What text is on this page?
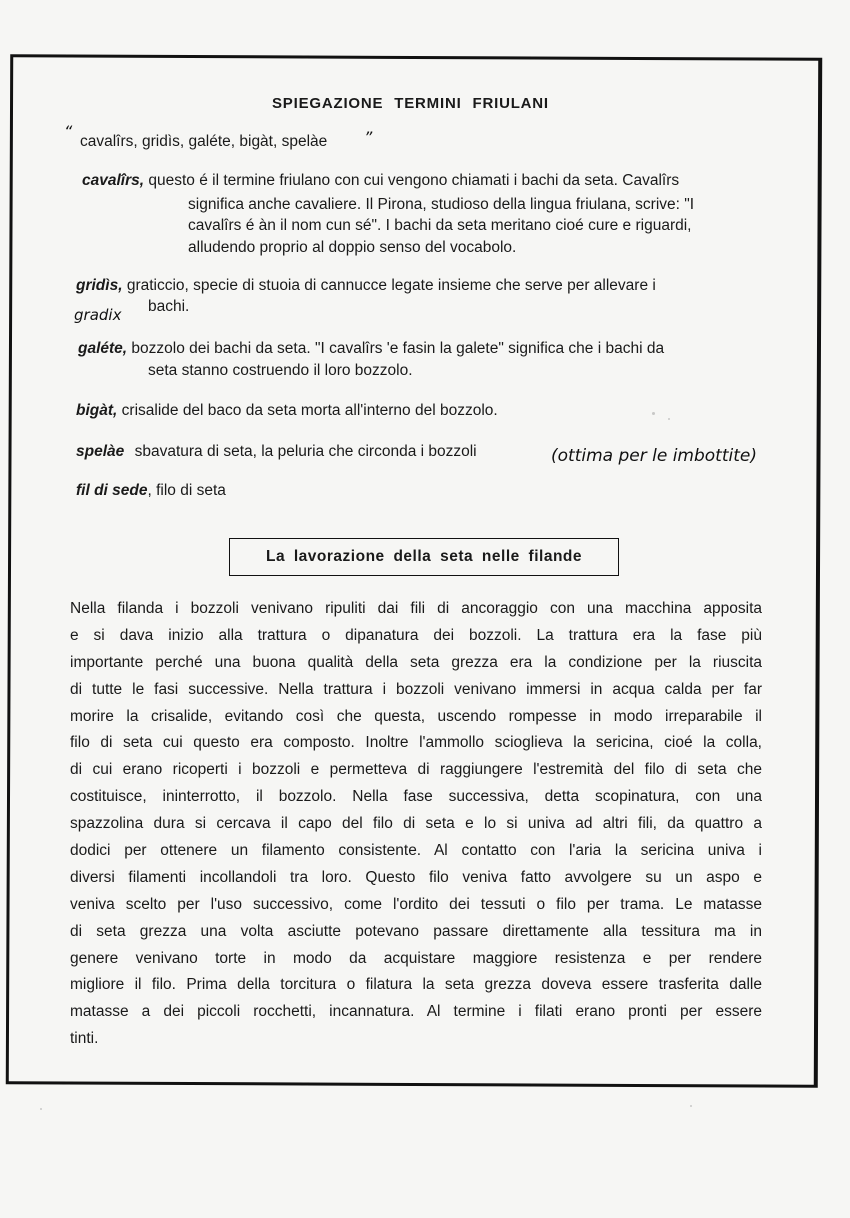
SPIEGAZIONE TERMINI FRIULANI
“
cavalîrs, gridìs, galéte, bigàt, spelàe ”
cavalîrs, questo é il termine friulano con cui vengono chiamati i bachi da seta. Cavalîrs
significa anche cavaliere. Il Pirona, studioso della lingua friulana, scrive: "I
cavalîrs é àn il nom cun sé". I bachi da seta meritano cioé cure e riguardi,
alludendo proprio al doppio senso del vocabolo.
gridìs, graticcio, specie di stuoia di cannucce legate insieme che serve per allevare i
gradix bachi.
galéte, bozzolo dei bachi da seta. "I cavalîrs 'e fasin la galete" significa che i bachi da
seta stanno costruendo il loro bozzolo.
bigàt, crisalide del baco da seta morta all'interno del bozzolo.
spelàe sbavatura di seta, la peluria che circonda i bozzoli	(ottima per le imbottite)
fil di sede, filo di seta
La lavorazione della seta nelle filande
Nella filanda i bozzoli venivano ripuliti dai fili di ancoraggio con una macchina apposita
e si dava inizio alla trattura o dipanatura dei bozzoli. La trattura era la fase più
importante perché una buona qualità della seta grezza era la condizione per la riuscita
di tutte le fasi successive. Nella trattura i bozzoli venivano immersi in acqua calda per far
morire la crisalide, evitando così che questa, uscendo rompesse in modo irreparabile il
filo di seta cui questo era composto. Inoltre l'ammollo scioglieva la sericina, cioé la colla,
di cui erano ricoperti i bozzoli e permetteva di raggiungere l'estremità del filo di seta che
costituisce, ininterrotto, il bozzolo. Nella fase successiva, detta scopinatura, con una
spazzolina dura si cercava il capo del filo di seta e lo si univa ad altri fili, da quattro a
dodici per ottenere un filamento consistente. Al contatto con l'aria la sericina univa i
diversi filamenti incollandoli tra loro. Questo filo veniva fatto avvolgere su un aspo e
veniva scelto per l'uso successivo, come l'ordito dei tessuti o filo per trama. Le matasse
di seta grezza una volta asciutte potevano passare direttamente alla tessitura ma in
genere venivano torte in modo da acquistare maggiore resistenza e per rendere
migliore il filo. Prima della torcitura o filatura la seta grezza doveva essere trasferita dalle
matasse a dei piccoli rocchetti, incannatura. Al termine i filati erano pronti per essere
tinti.
